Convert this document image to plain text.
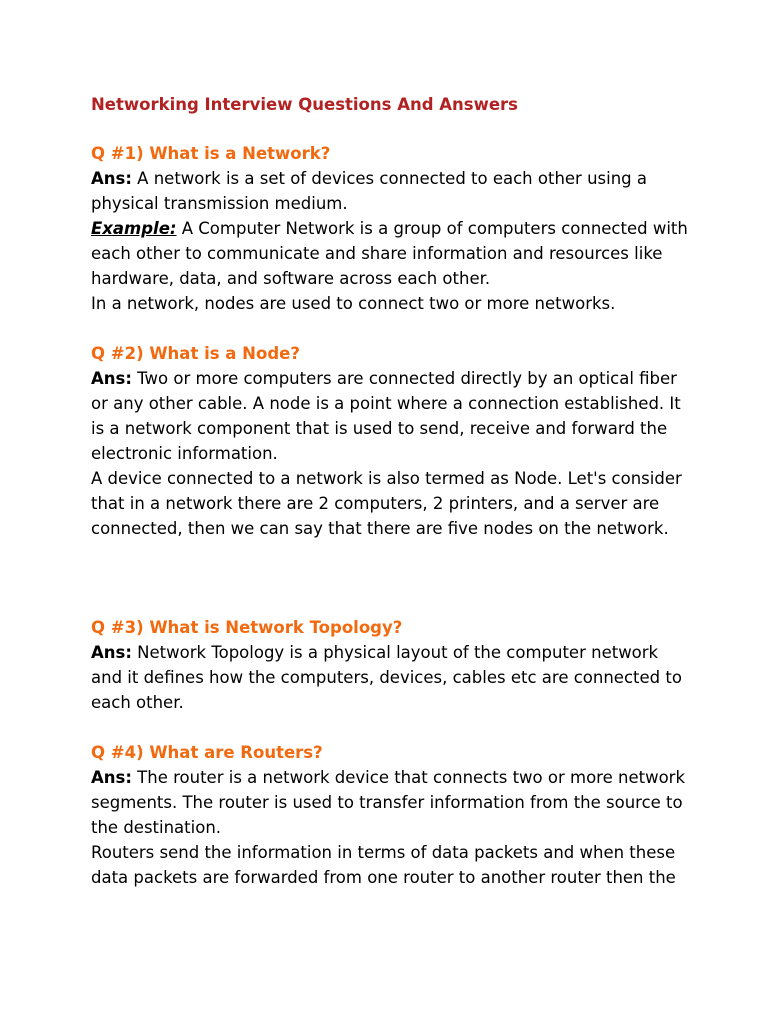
Networking Interview Questions And Answers

Q #1) What is a Network?

Ans: A network is a set of devices connected to each other using a physical transmission medium.

Example: A Computer Network is a group of computers connected with each other to communicate and share information and resources like hardware, data, and software across each other.

In a network, nodes are used to connect two or more networks.

Q #2) What is a Node?

Ans: Two or more computers are connected directly by an optical fiber or any other cable. A node is a point where a connection established. It is a network component that is used to send, receive and forward the electronic information.

A device connected to a network is also termed as Node. Let's consider that in a network there are 2 computers, 2 printers, and a server are connected, then we can say that there are five nodes on the network.

Q #3) What is Network Topology?

Ans: Network Topology is a physical layout of the computer network and it defines how the computers, devices, cables etc are connected to each other.

Q #4) What are Routers?

Ans: The router is a network device that connects two or more network segments. The router is used to transfer information from the source to the destination.

Routers send the information in terms of data packets and when these data packets are forwarded from one router to another router then the
